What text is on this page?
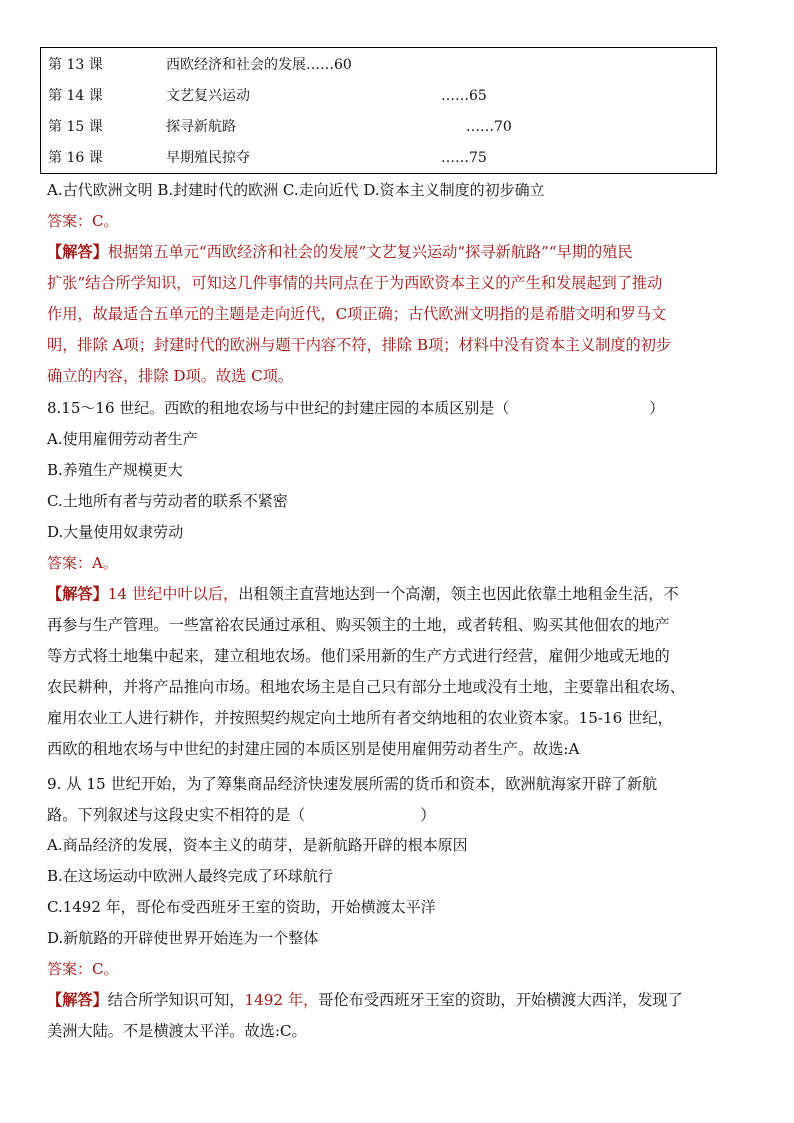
第 13 课	西欧经济和社会的发展……60
第 14 课	文艺复兴运动	……65
第 15 课	探寻新航路	……70
第 16 课	早期殖民掠夺	……75
A.古代欧洲文明 B.封建时代的欧洲 C.走向近代 D.资本主义制度的初步确立
答案：C。
【解答】根据第五单元“西欧经济和社会的发展”文艺复兴运动“探寻新航路”“早期的殖民
扩张”结合所学知识，可知这几件事情的共同点在于为西欧资本主义的产生和发展起到了推动
作用，故最适合五单元的主题是走向近代，C项正确；古代欧洲文明指的是希腊文明和罗马文
明，排除 A项；封建时代的欧洲与题干内容不符，排除 B项；材料中没有资本主义制度的初步
确立的内容，排除 D项。故选 C项。
8.15～16 世纪。西欧的租地农场与中世纪的封建庄园的本质区别是（	）
A.使用雇佣劳动者生产
B.养殖生产规模更大
C.土地所有者与劳动者的联系不紧密
D.大量使用奴隶劳动
答案：A。
【解答】14 世纪中叶以后，出租领主直营地达到一个高潮，领主也因此依靠土地租金生活，不
再参与生产管理。一些富裕农民通过承租、购买领主的土地，或者转租、购买其他佃农的地产
等方式将土地集中起来，建立租地农场。他们采用新的生产方式进行经营，雇佣少地或无地的
农民耕种，并将产品推向市场。租地农场主是自己只有部分土地或没有土地，主要靠出租农场、
雇用农业工人进行耕作，并按照契约规定向土地所有者交纳地租的农业资本家。15-16 世纪，
西欧的租地农场与中世纪的封建庄园的本质区别是使用雇佣劳动者生产。故选:A
9. 从 15 世纪开始，为了筹集商品经济快速发展所需的货币和资本，欧洲航海家开辟了新航
路。下列叙述与这段史实不相符的是（	）
A.商品经济的发展，资本主义的萌芽，是新航路开辟的根本原因
B.在这场运动中欧洲人最终完成了环球航行
C.1492 年，哥伦布受西班牙王室的资助，开始横渡太平洋
D.新航路的开辟使世界开始连为一个整体
答案：C。
【解答】结合所学知识可知，1492 年，哥伦布受西班牙王室的资助，开始横渡大西洋，发现了
美洲大陆。不是横渡太平洋。故选:C。
